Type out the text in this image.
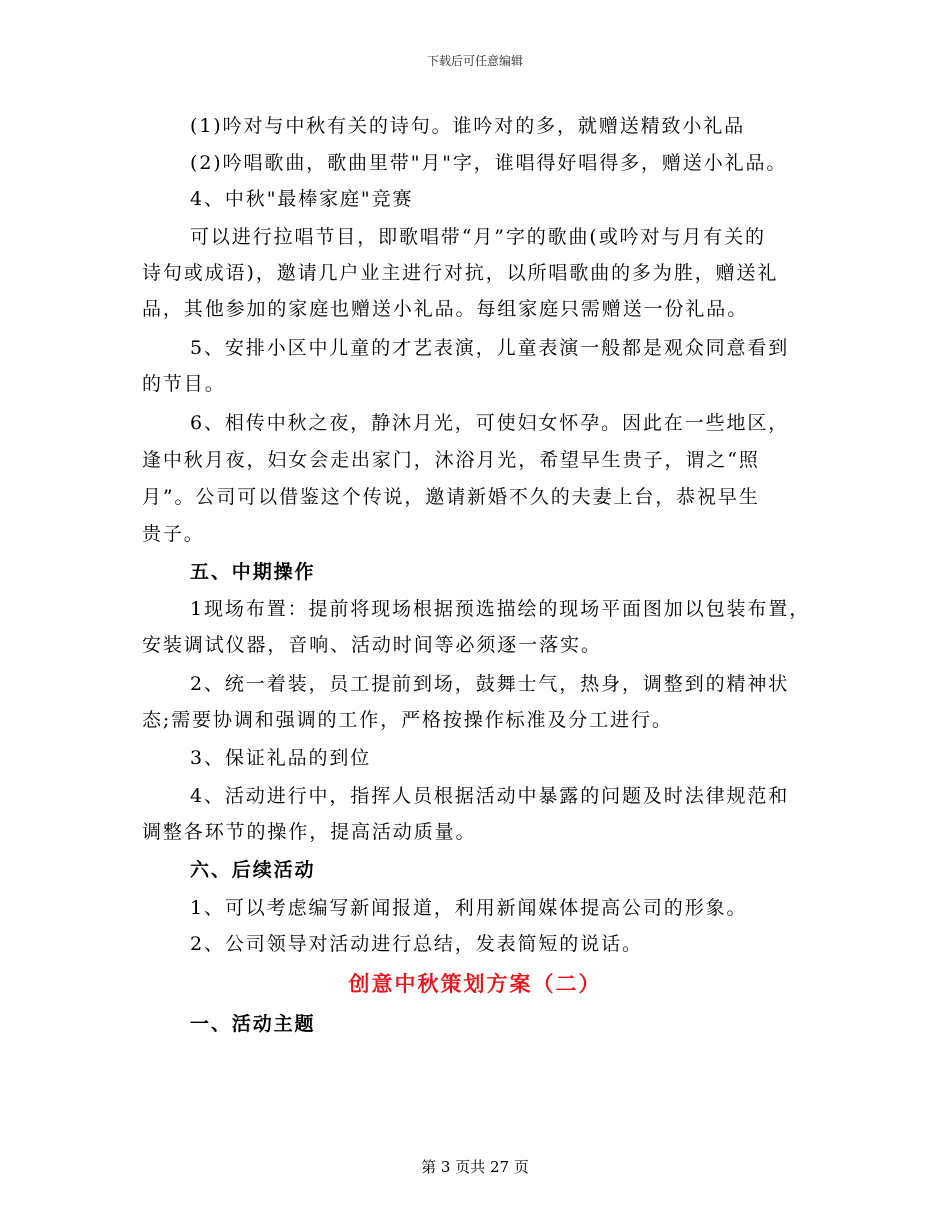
下载后可任意编辑
(1)吟对与中秋有关的诗句。谁吟对的多，就赠送精致小礼品
(2)吟唱歌曲，歌曲里带"月"字，谁唱得好唱得多，赠送小礼品。
4、中秋"最棒家庭"竞赛
可以进行拉唱节目，即歌唱带“月”字的歌曲(或吟对与月有关的
诗句或成语)，邀请几户业主进行对抗，以所唱歌曲的多为胜，赠送礼
品，其他参加的家庭也赠送小礼品。每组家庭只需赠送一份礼品。
5、安排小区中儿童的才艺表演，儿童表演一般都是观众同意看到
的节目。
6、相传中秋之夜，静沐月光，可使妇女怀孕。因此在一些地区，
逢中秋月夜，妇女会走出家门，沐浴月光，希望早生贵子，谓之“照
月”。公司可以借鉴这个传说，邀请新婚不久的夫妻上台，恭祝早生
贵子。
五、中期操作
1现场布置：提前将现场根据预选描绘的现场平面图加以包装布置，
安装调试仪器，音响、活动时间等必须逐一落实。
2、统一着装，员工提前到场，鼓舞士气，热身，调整到的精神状
态;需要协调和强调的工作，严格按操作标准及分工进行。
3、保证礼品的到位
4、活动进行中，指挥人员根据活动中暴露的问题及时法律规范和
调整各环节的操作，提高活动质量。
六、后续活动
1、可以考虑编写新闻报道，利用新闻媒体提高公司的形象。
2、公司领导对活动进行总结，发表简短的说话。
创意中秋策划方案（二）
一、活动主题
第 3 页共 27 页
